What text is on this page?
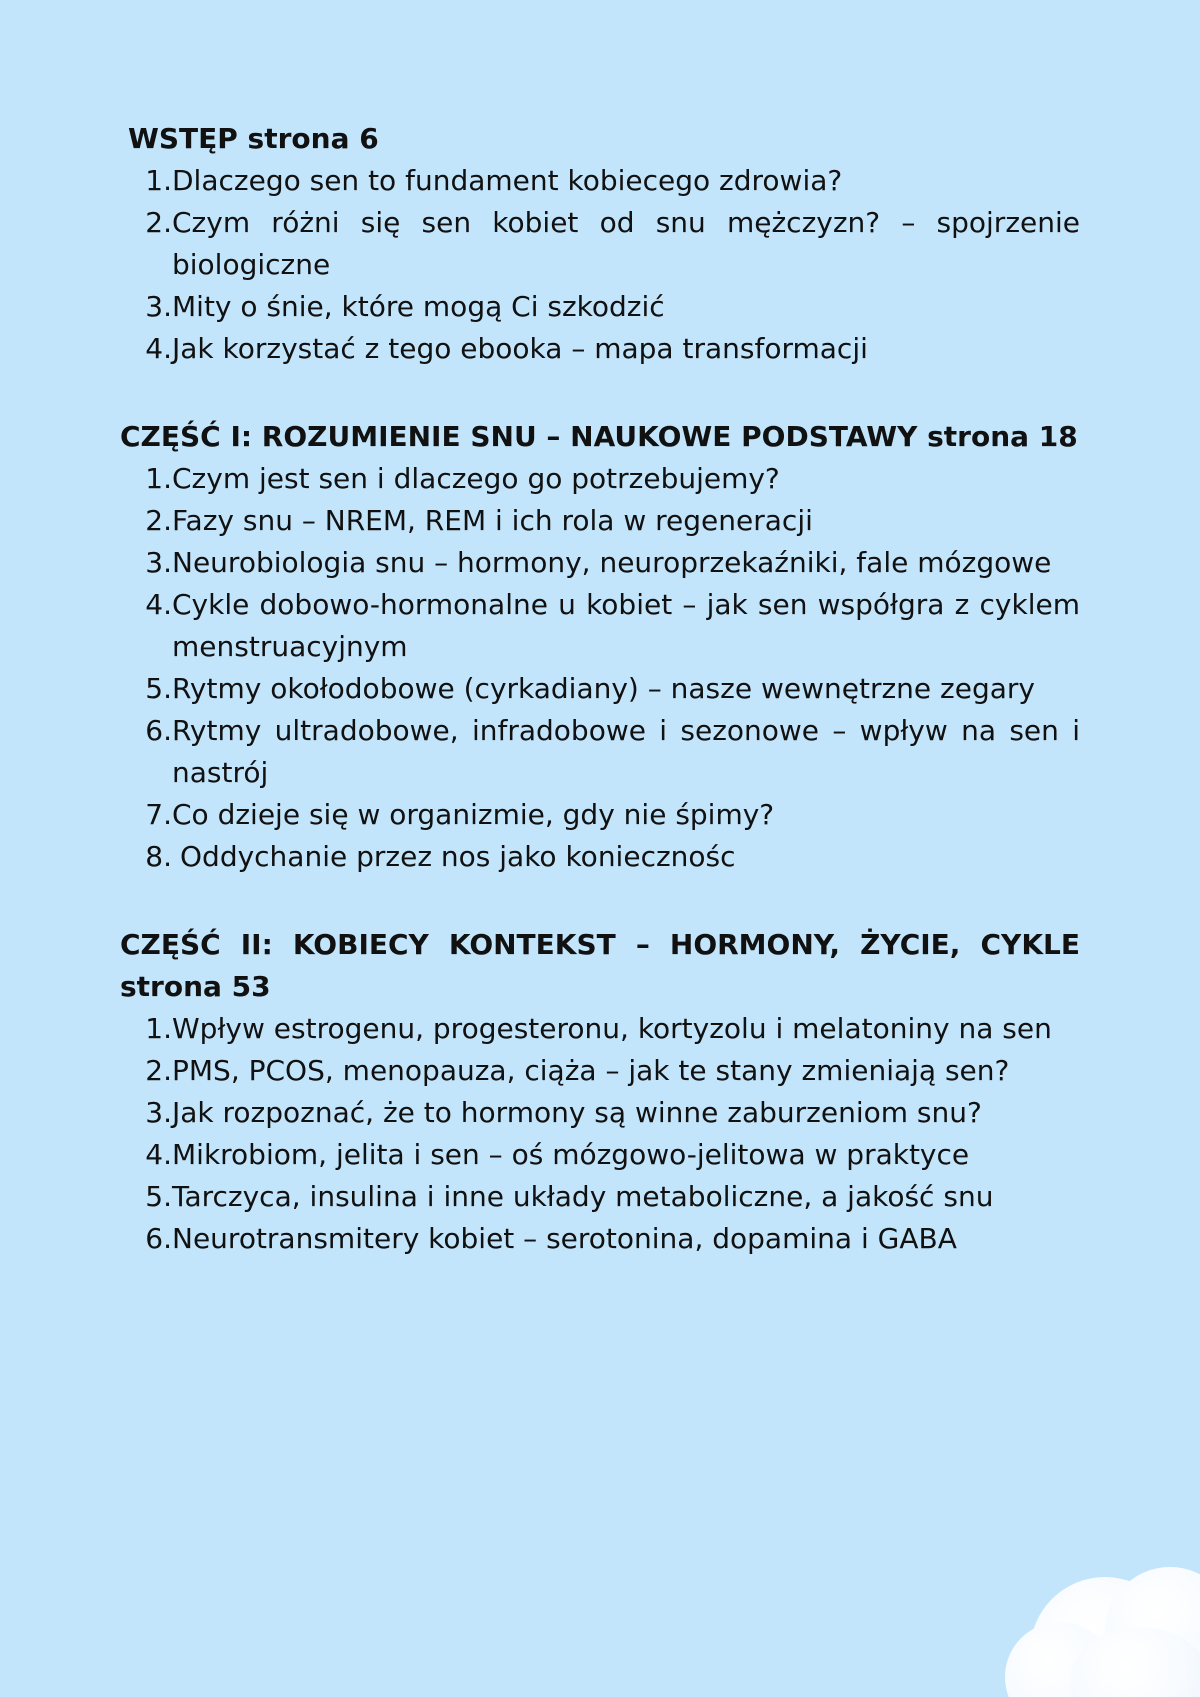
WSTĘP strona 6
1. Dlaczego sen to fundament kobiecego zdrowia?
2. Czym różni się sen kobiet od snu mężczyzn? – spojrzenie biologiczne
3. Mity o śnie, które mogą Ci szkodzić
4. Jak korzystać z tego ebooka – mapa transformacji
CZĘŚĆ I: ROZUMIENIE SNU – NAUKOWE PODSTAWY strona 18
1. Czym jest sen i dlaczego go potrzebujemy?
2. Fazy snu – NREM, REM i ich rola w regeneracji
3. Neurobiologia snu – hormony, neuroprzekaźniki, fale mózgowe
4. Cykle dobowo-hormonalne u kobiet – jak sen współgra z cyklem menstruacyjnym
5. Rytmy okołodobowe (cyrkadiany) – nasze wewnętrzne zegary
6. Rytmy ultradobowe, infradobowe i sezonowe – wpływ na sen i nastrój
7. Co dzieje się w organizmie, gdy nie śpimy?
8. Oddychanie przez nos jako koniecznośc
CZĘŚĆ II: KOBIECY KONTEKST – HORMONY, ŻYCIE, CYKLE strona 53
1. Wpływ estrogenu, progesteronu, kortyzolu i melatoniny na sen
2. PMS, PCOS, menopauza, ciąża – jak te stany zmieniają sen?
3. Jak rozpoznać, że to hormony są winne zaburzeniom snu?
4. Mikrobiom, jelita i sen – oś mózgowo-jelitowa w praktyce
5. Tarczyca, insulina i inne układy metaboliczne, a jakość snu
6. Neurotransmitery kobiet – serotonina, dopamina i GABA
